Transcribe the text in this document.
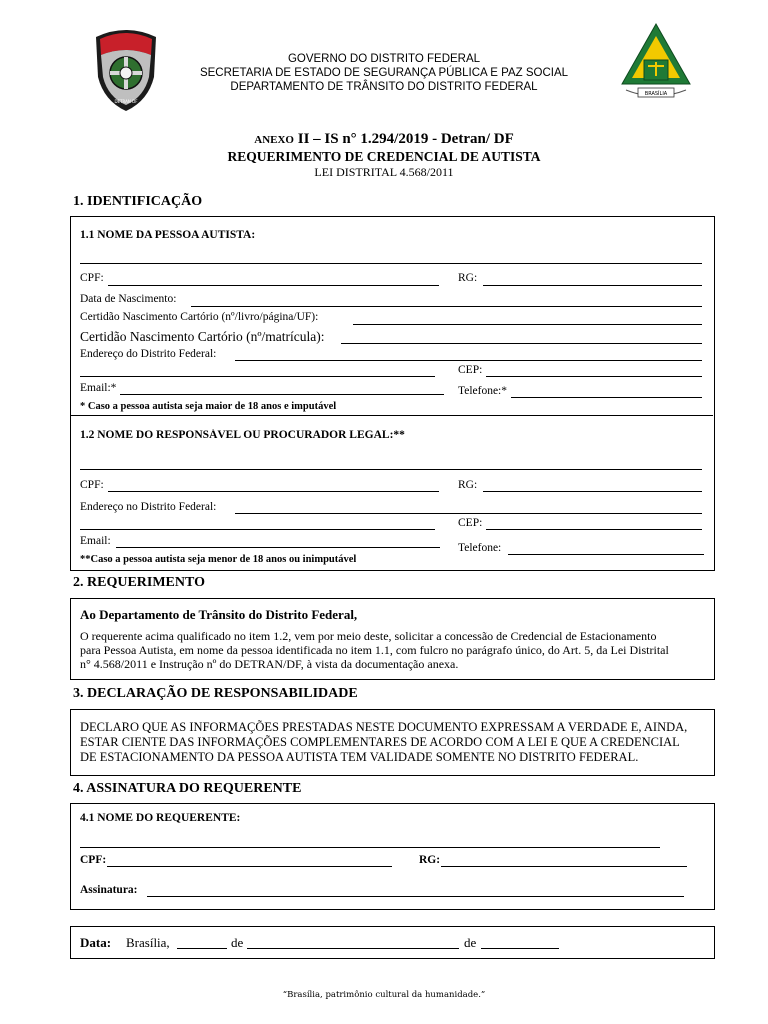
DETRAN DF
BRASÍLIA
GOVERNO DO DISTRITO FEDERAL
SECRETARIA DE ESTADO DE SEGURANÇA PÚBLICA E PAZ SOCIAL
DEPARTAMENTO DE TRÂNSITO DO DISTRITO FEDERAL
ANEXO II – IS n° 1.294/2019 - Detran/ DF
REQUERIMENTO DE CREDENCIAL DE AUTISTA
LEI DISTRITAL 4.568/2011
1. IDENTIFICAÇÃO
1.1 NOME DA PESSOA AUTISTA:
CPF:	RG:
Data de Nascimento:
Certidão Nascimento Cartório (nº/livro/página/UF):
Certidão Nascimento Cartório (nº/matrícula):
Endereço do Distrito Federal:
CEP:
Email:*	Telefone:*
* Caso a pessoa autista seja maior de 18 anos e imputável
1.2 NOME DO RESPONSÁVEL OU PROCURADOR LEGAL:**
CPF:	RG:
Endereço no Distrito Federal:
CEP:
Email:
Telefone:
**Caso a pessoa autista seja menor de 18 anos ou inimputável
2. REQUERIMENTO
Ao Departamento de Trânsito do Distrito Federal,
O requerente acima qualificado no item 1.2, vem por meio deste, solicitar a concessão de Credencial de Estacionamento
para Pessoa Autista, em nome da pessoa identificada no item 1.1, com fulcro no parágrafo único, do Art. 5, da Lei Distrital
n° 4.568/2011 e Instrução nº do DETRAN/DF, à vista da documentação anexa.
3. DECLARAÇÃO DE RESPONSABILIDADE
DECLARO QUE AS INFORMAÇÕES PRESTADAS NESTE DOCUMENTO EXPRESSAM A VERDADE E, AINDA,
ESTAR CIENTE DAS INFORMAÇÕES COMPLEMENTARES DE ACORDO COM A LEI E QUE A CREDENCIAL
DE ESTACIONAMENTO DA PESSOA AUTISTA TEM VALIDADE SOMENTE NO DISTRITO FEDERAL.
4. ASSINATURA DO REQUERENTE
4.1 NOME DO REQUERENTE:
CPF:	RG:
Assinatura:
Data: Brasília,	de	de
“Brasília, patrimônio cultural da humanidade.”
